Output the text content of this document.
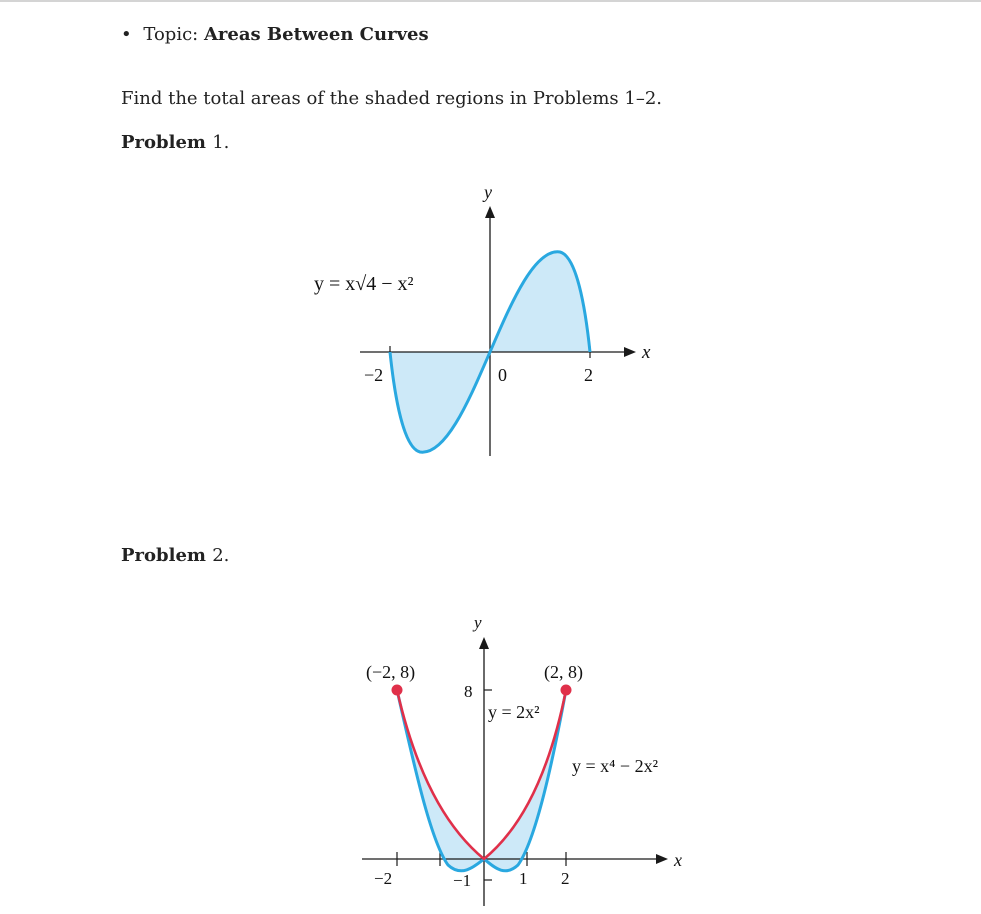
• Topic: Areas Between Curves
Find the total areas of the shaded regions in Problems 1–2.
Problem 1.
y
x
y = x√4 − x²
−2	0	2
y
x
(−2, 8)	(2, 8)
8
y = 2x²
y = x⁴ − 2x²
−2	−1	1 2
Problem 2.
